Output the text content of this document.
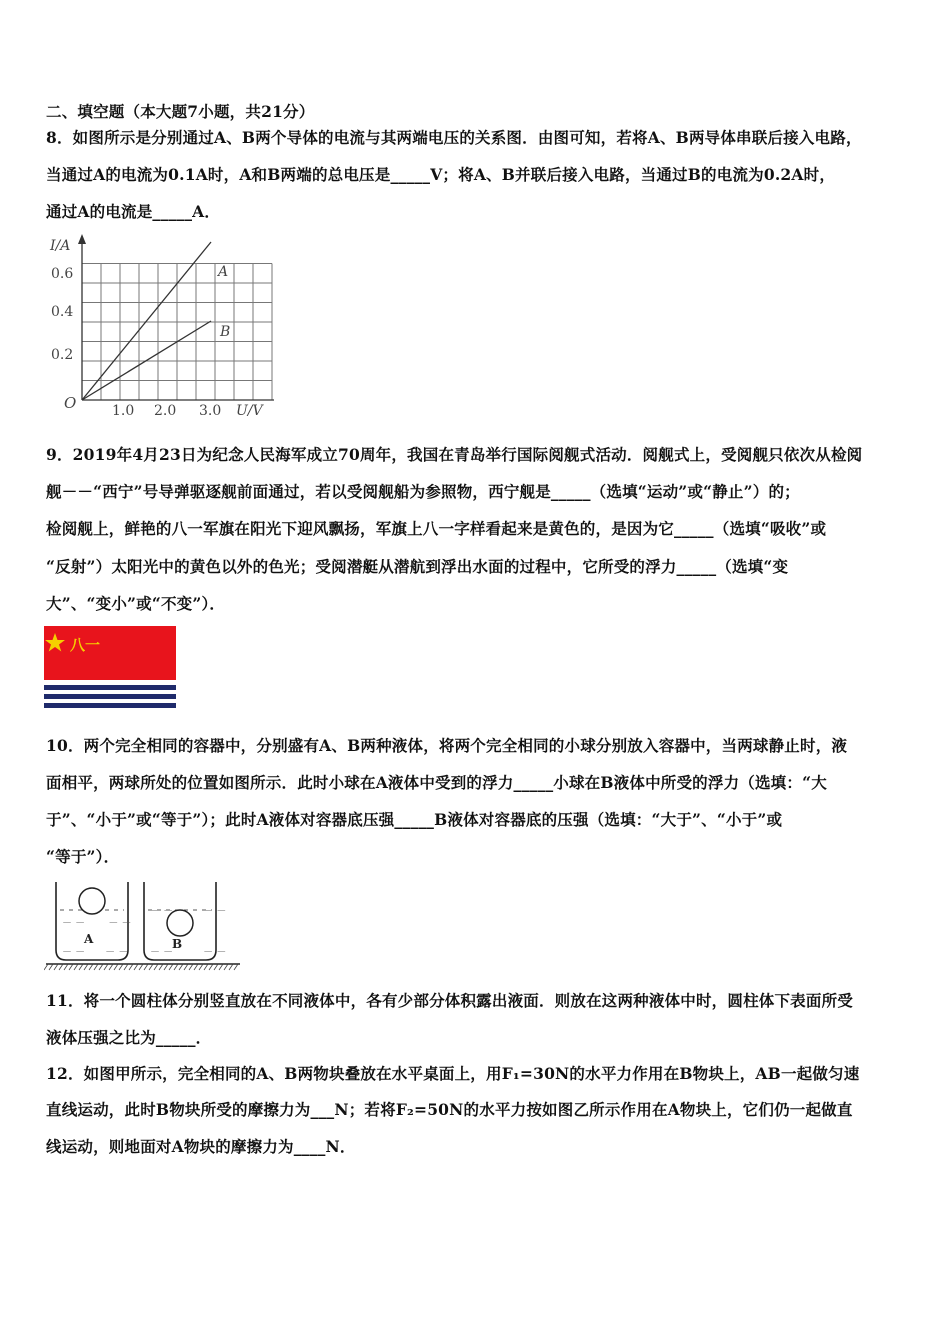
二、填空题（本大题7小题，共21分）
8．如图所示是分别通过A、B两个导体的电流与其两端电压的关系图．由图可知，若将A、B两导体串联后接入电路，
当通过A的电流为0.1A时，A和B两端的总电压是_____V；将A、B并联后接入电路，当通过B的电流为0.2A时，
通过A的电流是_____A．
I/A
U/V
O
0.6
0.4
0.2
1.0 2.0 3.0
A
B
9．2019年4月23日为纪念人民海军成立70周年，我国在青岛举行国际阅舰式活动．阅舰式上，受阅舰只依次从检阅
舰－－“西宁”号导弹驱逐舰前面通过，若以受阅舰船为参照物，西宁舰是_____（选填“运动”或“静止”）的；
检阅舰上，鲜艳的八一军旗在阳光下迎风飘扬，军旗上八一字样看起来是黄色的，是因为它_____（选填“吸收”或
“反射”）太阳光中的黄色以外的色光；受阅潜艇从潜航到浮出水面的过程中，它所受的浮力_____（选填“变
大”、“变小”或“不变”）．
八一
10．两个完全相同的容器中，分别盛有A、B两种液体，将两个完全相同的小球分别放入容器中，当两球静止时，液
面相平，两球所处的位置如图所示．此时小球在A液体中受到的浮力_____小球在B液体中所受的浮力（选填：“大
于”、“小于”或“等于”）；此时A液体对容器底压强_____B液体对容器底的压强（选填：“大于”、“小于”或
“等于”）．
－ －　 　－ －
A
－ －　　－ －
－ －　　　－ －
B
－ －　　　－ －
11．将一个圆柱体分别竖直放在不同液体中，各有少部分体积露出液面．则放在这两种液体中时，圆柱体下表面所受
液体压强之比为_____．
12．如图甲所示，完全相同的A、B两物块叠放在水平桌面上，用F₁=30N的水平力作用在B物块上，AB一起做匀速
直线运动，此时B物块所受的摩擦力为___N；若将F₂=50N的水平力按如图乙所示作用在A物块上，它们仍一起做直
线运动，则地面对A物块的摩擦力为____N．
